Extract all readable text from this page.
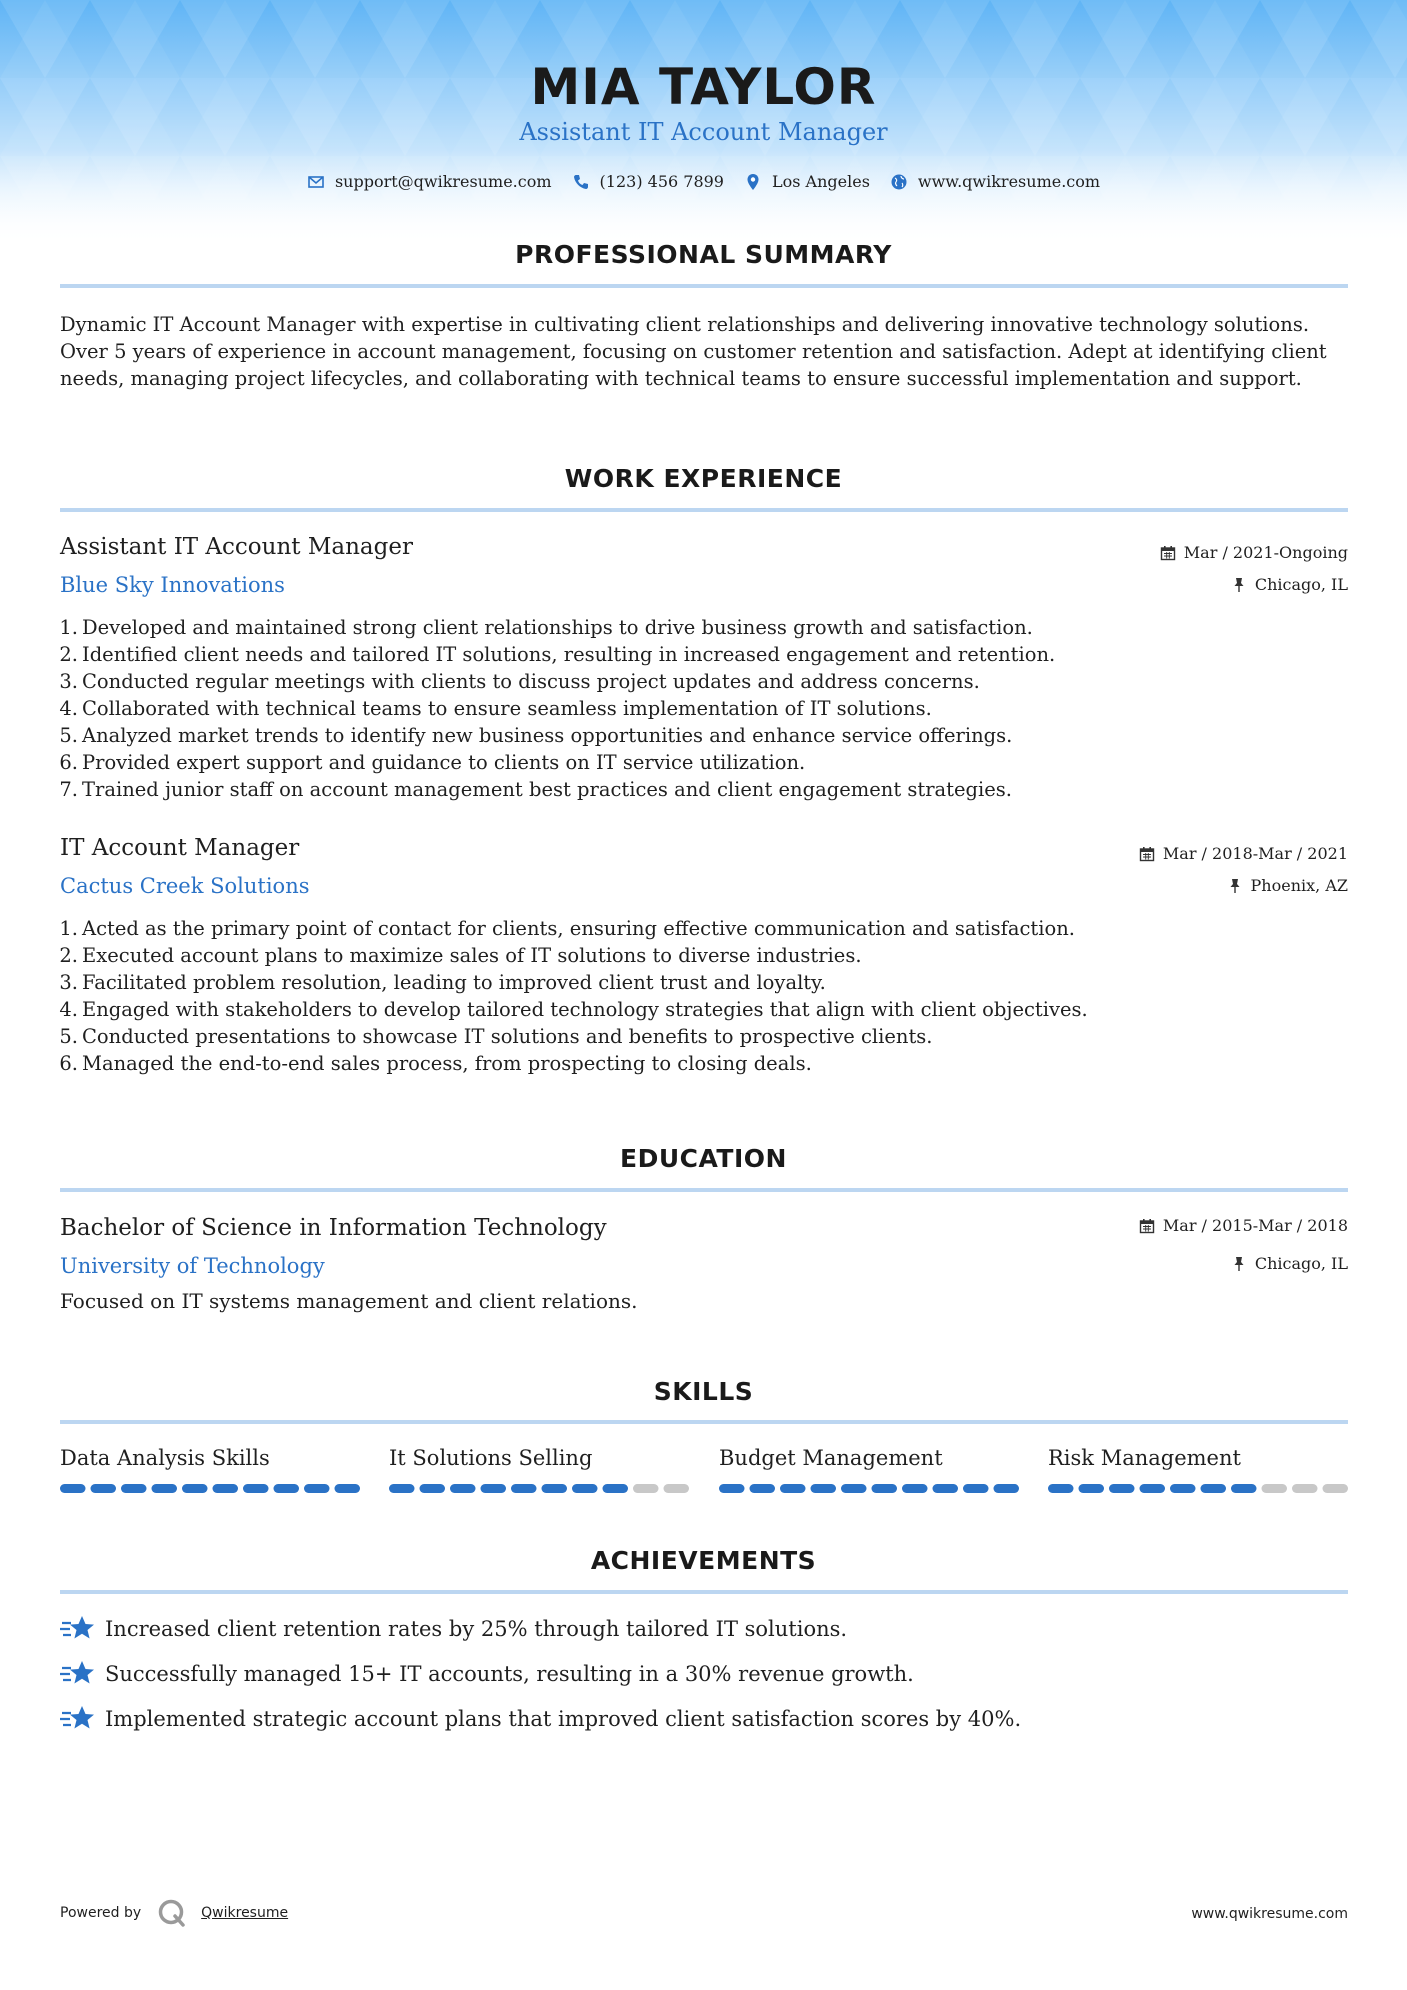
MIA TAYLOR
Assistant IT Account Manager
support@qwikresume.com	(123) 456 7899	Los Angeles	www.qwikresume.com
PROFESSIONAL SUMMARY
Dynamic IT Account Manager with expertise in cultivating client relationships and delivering innovative technology solutions. Over 5 years of experience in account management, focusing on customer retention and satisfaction. Adept at identifying client needs, managing project lifecycles, and collaborating with technical teams to ensure successful implementation and support.
WORK EXPERIENCE
Assistant IT Account Manager
Blue Sky Innovations
Mar / 2021-Ongoing
Chicago, IL
1. Developed and maintained strong client relationships to drive business growth and satisfaction.
2. Identified client needs and tailored IT solutions, resulting in increased engagement and retention.
3. Conducted regular meetings with clients to discuss project updates and address concerns.
4. Collaborated with technical teams to ensure seamless implementation of IT solutions.
5. Analyzed market trends to identify new business opportunities and enhance service offerings.
6. Provided expert support and guidance to clients on IT service utilization.
7. Trained junior staff on account management best practices and client engagement strategies.
IT Account Manager
Cactus Creek Solutions
Mar / 2018-Mar / 2021
Phoenix, AZ
1. Acted as the primary point of contact for clients, ensuring effective communication and satisfaction.
2. Executed account plans to maximize sales of IT solutions to diverse industries.
3. Facilitated problem resolution, leading to improved client trust and loyalty.
4. Engaged with stakeholders to develop tailored technology strategies that align with client objectives.
5. Conducted presentations to showcase IT solutions and benefits to prospective clients.
6. Managed the end-to-end sales process, from prospecting to closing deals.
EDUCATION
Bachelor of Science in Information Technology
University of Technology
Mar / 2015-Mar / 2018
Chicago, IL
Focused on IT systems management and client relations.
SKILLS
Data Analysis Skills	It Solutions Selling	Budget Management	Risk Management
ACHIEVEMENTS
Increased client retention rates by 25% through tailored IT solutions.
Successfully managed 15+ IT accounts, resulting in a 30% revenue growth.
Implemented strategic account plans that improved client satisfaction scores by 40%.
Powered by	Qwikresume	www.qwikresume.com
